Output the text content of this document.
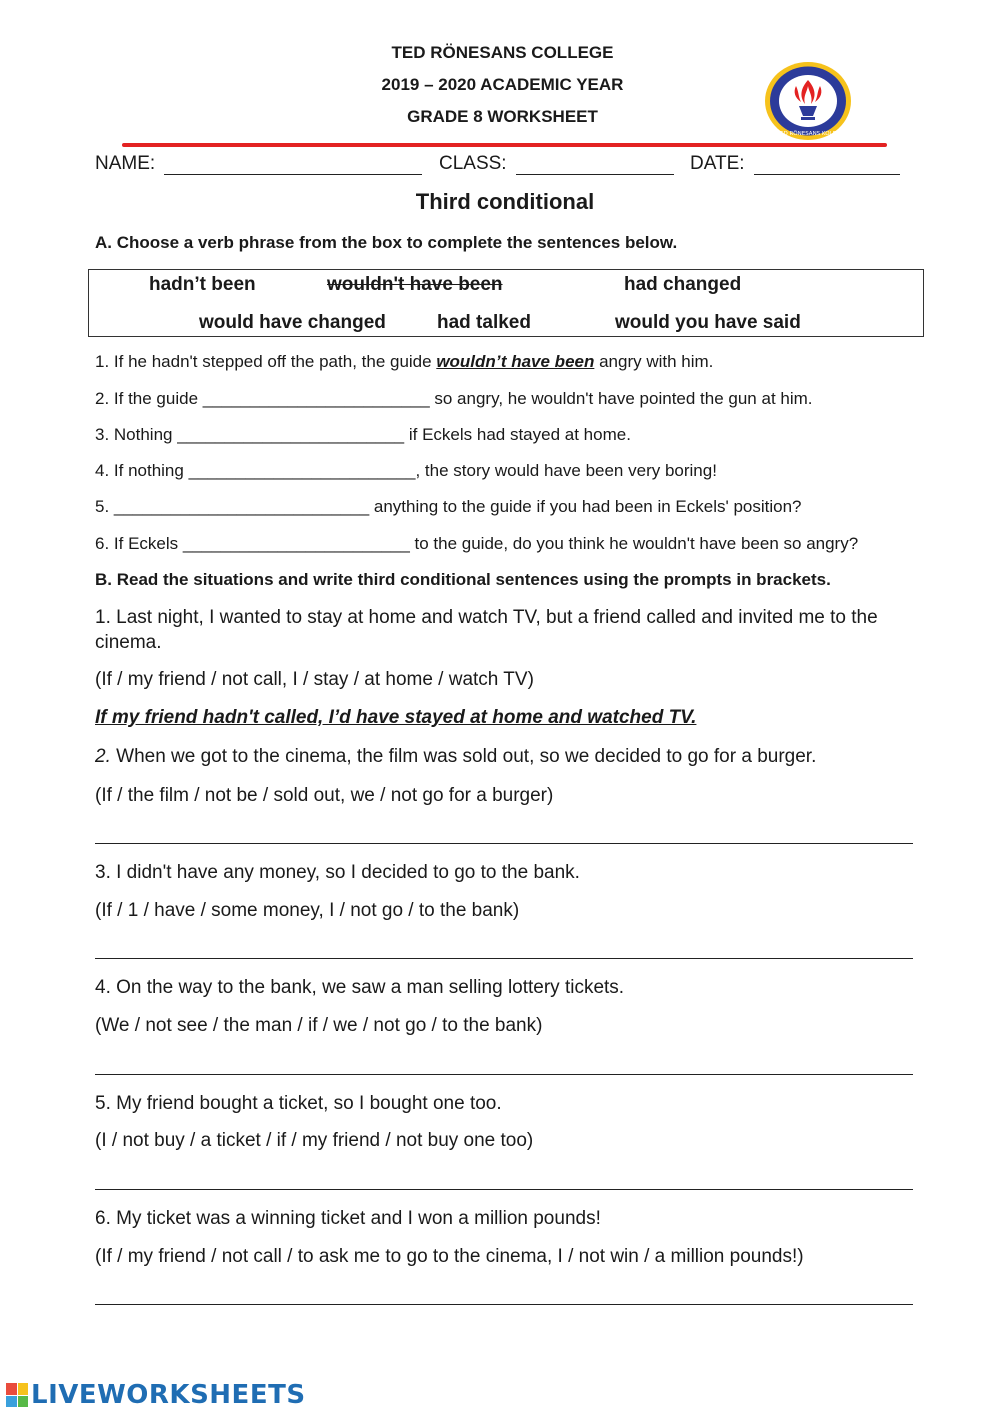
TED RÖNESANS COLLEGE
2019 – 2020 ACADEMIC YEAR
GRADE 8 WORKSHEET
TED RÖNESANS KOLEJİ
NAME:	CLASS:	DATE:
Third conditional
A. Choose a verb phrase from the box to complete the sentences below.
hadn’t been	wouldn't have been	had changed
would have changed	had talked	would you have said
1. If he hadn't stepped off the path, the guide wouldn’t have been angry with him.
2. If the guide ________________________ so angry, he wouldn't have pointed the gun at him.
3. Nothing ________________________ if Eckels had stayed at home.
4. If nothing ________________________, the story would have been very boring!
5. ___________________________ anything to the guide if you had been in Eckels' position?
6. If Eckels ________________________ to the guide, do you think he wouldn't have been so angry?
B. Read the situations and write third conditional sentences using the prompts in brackets.
1. Last night, I wanted to stay at home and watch TV, but a friend called and invited me to the cinema.
(If / my friend / not call, I / stay / at home / watch TV)
If my friend hadn't called, I’d have stayed at home and watched TV.
2. When we got to the cinema, the film was sold out, so we decided to go for a burger.
(If / the film / not be / sold out, we / not go for a burger)
3. I didn't have any money, so I decided to go to the bank.
(If / 1 / have / some money, I / not go / to the bank)
4. On the way to the bank, we saw a man selling lottery tickets.
(We / not see / the man / if / we / not go / to the bank)
5. My friend bought a ticket, so I bought one too.
(I / not buy / a ticket / if / my friend / not buy one too)
6. My ticket was a winning ticket and I won a million pounds!
(If / my friend / not call / to ask me to go to the cinema, I / not win / a million pounds!)
LIVEWORKSHEETS
